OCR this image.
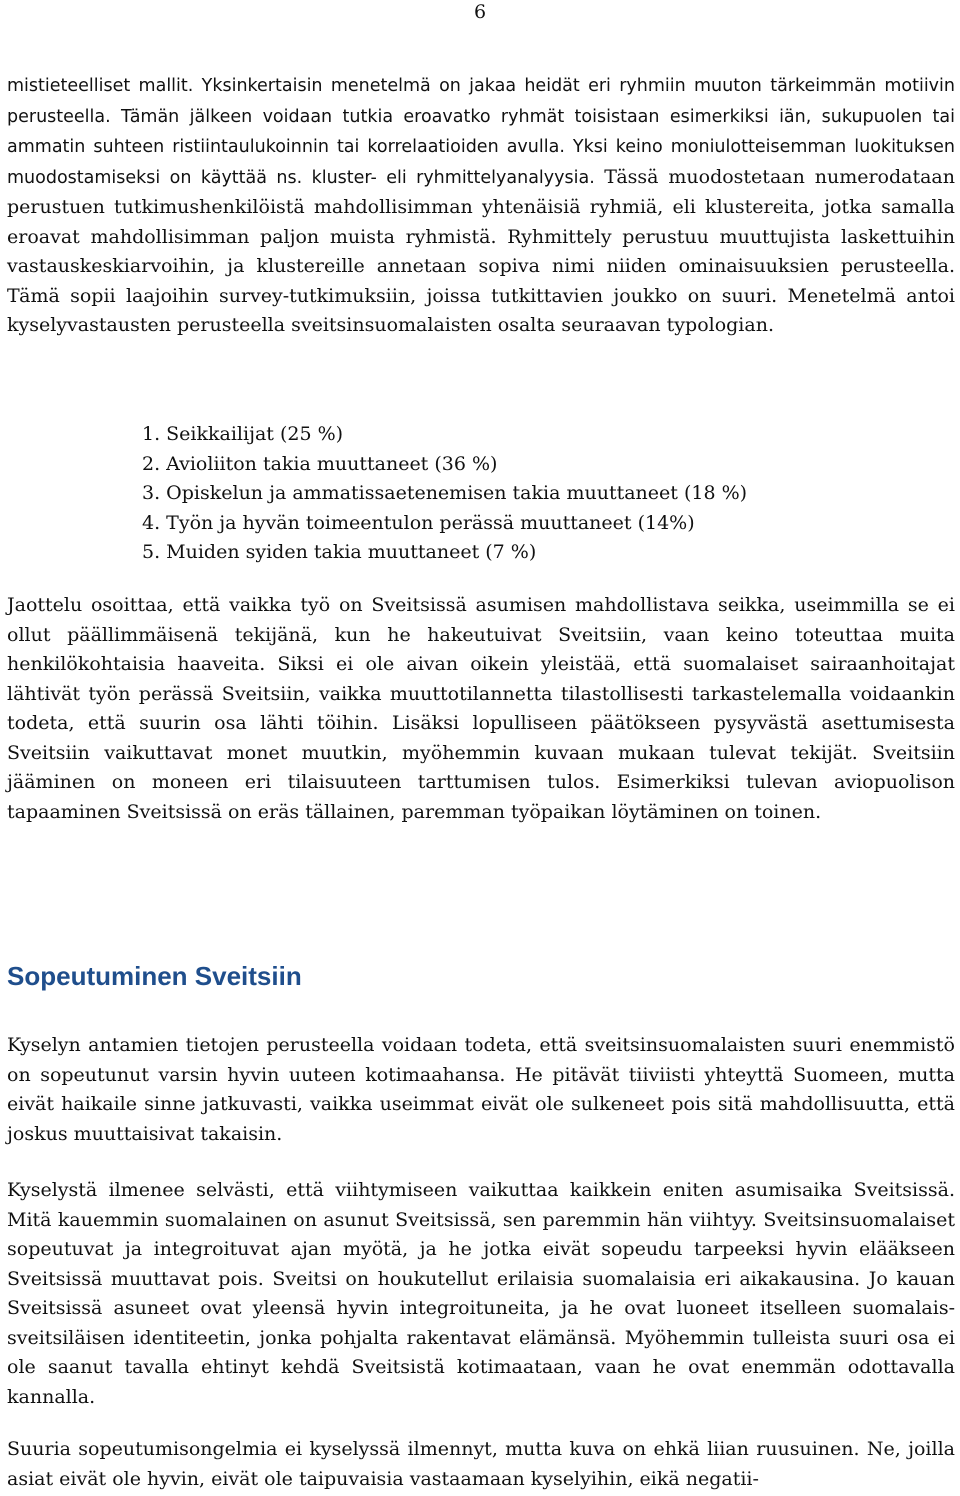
6

mistieteelliset mallit. Yksinkertaisin menetelmä on jakaa heidät eri ryhmiin muuton tärkeimmän motiivin perusteella. Tämän jälkeen voidaan tutkia eroavatko ryhmät toisistaan esimerkiksi iän, sukupuolen tai ammatin suhteen ristiintaulukoinnin tai korrelaatioiden avulla. Yksi keino moniulotteisemman luokituksen muodostamiseksi on käyttää ns. kluster- eli ryhmittelyanalyysia. Tässä muodostetaan numerodataan perustuen tutkimushenkilöistä mahdollisimman yhtenäisiä ryhmiä, eli klustereita, jotka samalla eroavat mahdollisimman paljon muista ryhmistä. Ryhmittely perustuu muuttujista laskettuihin vastauskeskiarvoihin, ja klustereille annetaan sopiva nimi niiden ominaisuuksien perusteella. Tämä sopii laajoihin survey-tutkimuksiin, joissa tutkittavien joukko on suuri. Menetelmä antoi kyselyvastausten perusteella sveitsinsuomalaisten osalta seuraavan typologian.

1. Seikkailijat (25 %)
2. Avioliiton takia muuttaneet (36 %)
3. Opiskelun ja ammatissaetenemisen takia muuttaneet (18 %)
4. Työn ja hyvän toimeentulon perässä muuttaneet (14%)
5. Muiden syiden takia muuttaneet (7 %)

Jaottelu osoittaa, että vaikka työ on Sveitsissä asumisen mahdollistava seikka, useimmilla se ei ollut päällimmäisenä tekijänä, kun he hakeutuivat Sveitsiin, vaan keino toteuttaa muita henkilökohtaisia haaveita. Siksi ei ole aivan oikein yleistää, että suomalaiset sairaanhoitajat lähtivät työn perässä Sveitsiin, vaikka muuttotilannetta tilastollisesti tarkastelemalla voidaankin todeta, että suurin osa lähti töihin. Lisäksi lopulliseen päätökseen pysyvästä asettumisesta Sveitsiin vaikuttavat monet muutkin, myöhemmin kuvaan mukaan tulevat tekijät. Sveitsiin jääminen on moneen eri tilaisuuteen tarttumisen tulos. Esimerkiksi tulevan aviopuolison tapaaminen Sveitsissä on eräs tällainen, paremman työpaikan löytäminen on toinen.

Sopeutuminen Sveitsiin

Kyselyn antamien tietojen perusteella voidaan todeta, että sveitsinsuomalaisten suuri enemmistö on sopeutunut varsin hyvin uuteen kotimaahansa. He pitävät tiiviisti yhteyttä Suomeen, mutta eivät haikaile sinne jatkuvasti, vaikka useimmat eivät ole sulkeneet pois sitä mahdollisuutta, että joskus muuttaisivat takaisin.

Kyselystä ilmenee selvästi, että viihtymiseen vaikuttaa kaikkein eniten asumisaika Sveitsissä. Mitä kauemmin suomalainen on asunut Sveitsissä, sen paremmin hän viihtyy. Sveitsinsuomalaiset sopeutuvat ja integroituvat ajan myötä, ja he jotka eivät sopeudu tarpeeksi hyvin elääkseen Sveitsissä muuttavat pois. Sveitsi on houkutellut erilaisia suomalaisia eri aikakausina. Jo kauan Sveitsissä asuneet ovat yleensä hyvin integroituneita, ja he ovat luoneet itselleen suomalais-sveitsiläisen identiteetin, jonka pohjalta rakentavat elämänsä. Myöhemmin tulleista suuri osa ei ole saanut tavalla ehtinyt kehdä Sveitsistä kotimaataan, vaan he ovat enemmän odottavalla kannalla.

Suuria sopeutumisongelmia ei kyselyssä ilmennyt, mutta kuva on ehkä liian ruusuinen. Ne, joilla asiat eivät ole hyvin, eivät ole taipuvaisia vastaamaan kyselyihin, eikä negatii-
